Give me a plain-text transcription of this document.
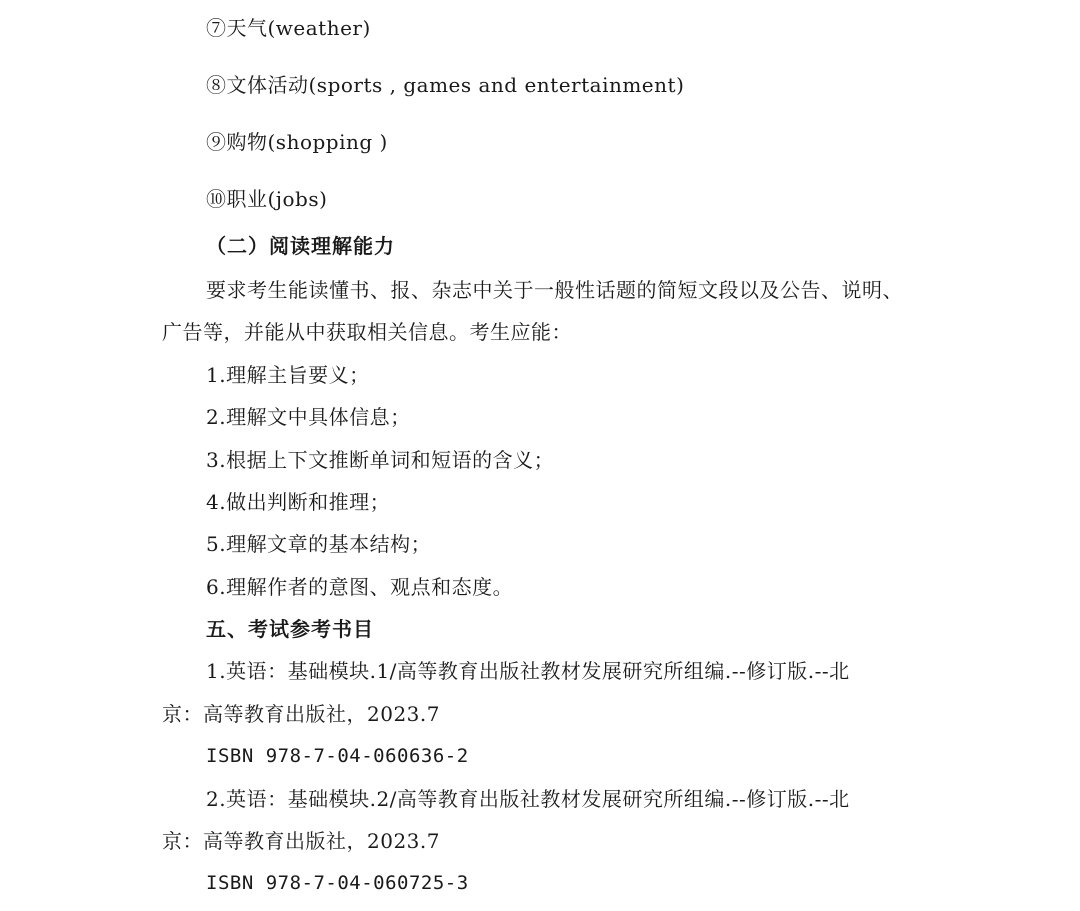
⑦天气(weather)
⑧文体活动(sports , games and entertainment)
⑨购物(shopping )
⑩职业(jobs)
（二）阅读理解能力
要求考生能读懂书、报、杂志中关于一般性话题的简短文段以及公告、说明、
广告等，并能从中获取相关信息。考生应能：
1.理解主旨要义；
2.理解文中具体信息；
3.根据上下文推断单词和短语的含义；
4.做出判断和推理；
5.理解文章的基本结构；
6.理解作者的意图、观点和态度。
五、考试参考书目
1.英语：基础模块.1/高等教育出版社教材发展研究所组编.--修订版.--北
京：高等教育出版社，2023.7
ISBN 978-7-04-060636-2
2.英语：基础模块.2/高等教育出版社教材发展研究所组编.--修订版.--北
京：高等教育出版社，2023.7
ISBN 978-7-04-060725-3
